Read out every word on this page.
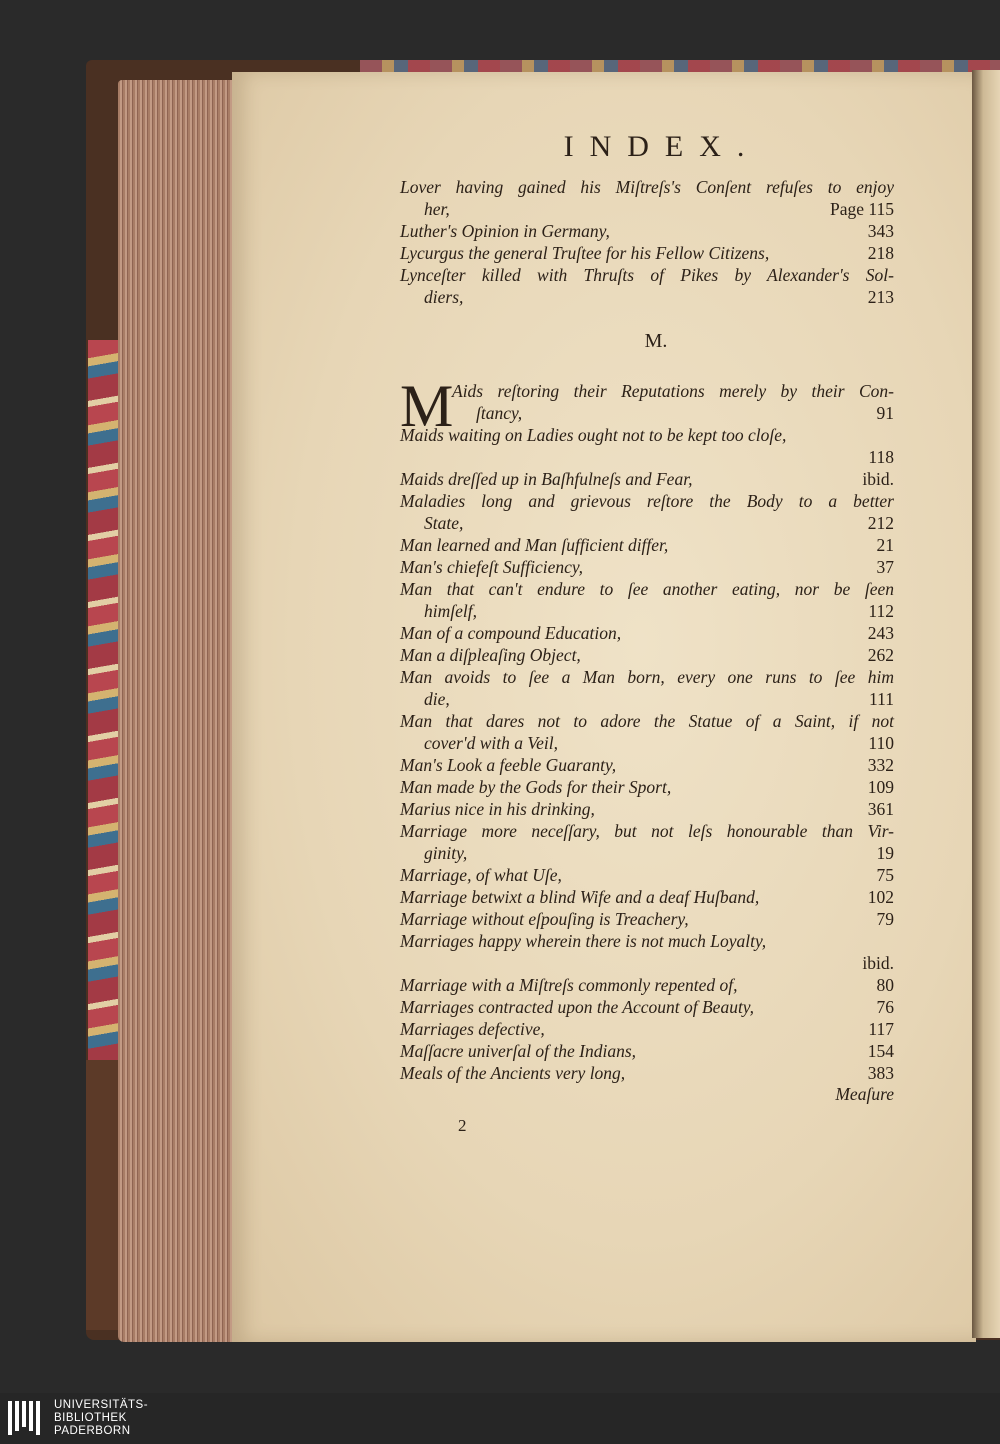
INDEX.
Lover having gained his Miſtreſs's Conſent refuſes to enjoy
her,	Page 115
Luther's Opinion in Germany,	343
Lycurgus the general Truſtee for his Fellow Citizens,	218
Lynceſter killed with Thruſts of Pikes by Alexander's Sol-
diers,	213
M.
M
Aids reſtoring their Reputations merely by their Con-
ſtancy,	91
Maids waiting on Ladies ought not to be kept too cloſe,
118
Maids dreſſed up in Baſhfulneſs and Fear,	ibid.
Maladies long and grievous reſtore the Body to a better
State,	212
Man learned and Man ſufficient differ,	21
Man's chiefeſt Sufficiency,	37
Man that can't endure to ſee another eating, nor be ſeen
himſelf,	112
Man of a compound Education,	243
Man a diſpleaſing Object,	262
Man avoids to ſee a Man born, every one runs to ſee him
die,	111
Man that dares not to adore the Statue of a Saint, if not
cover'd with a Veil,	110
Man's Look a feeble Guaranty,	332
Man made by the Gods for their Sport,	109
Marius nice in his drinking,	361
Marriage more neceſſary, but not leſs honourable than Vir-
ginity,	19
Marriage, of what Uſe,	75
Marriage betwixt a blind Wife and a deaf Huſband,	102
Marriage without eſpouſing is Treachery,	79
Marriages happy wherein there is not much Loyalty,
ibid.
Marriage with a Miſtreſs commonly repented of,	80
Marriages contracted upon the Account of Beauty,	76
Marriages defective,	117
Maſſacre univerſal of the Indians,	154
Meals of the Ancients very long,	383
Meaſure
2
UNIVERSITÄTS-
BIBLIOTHEK
PADERBORN
